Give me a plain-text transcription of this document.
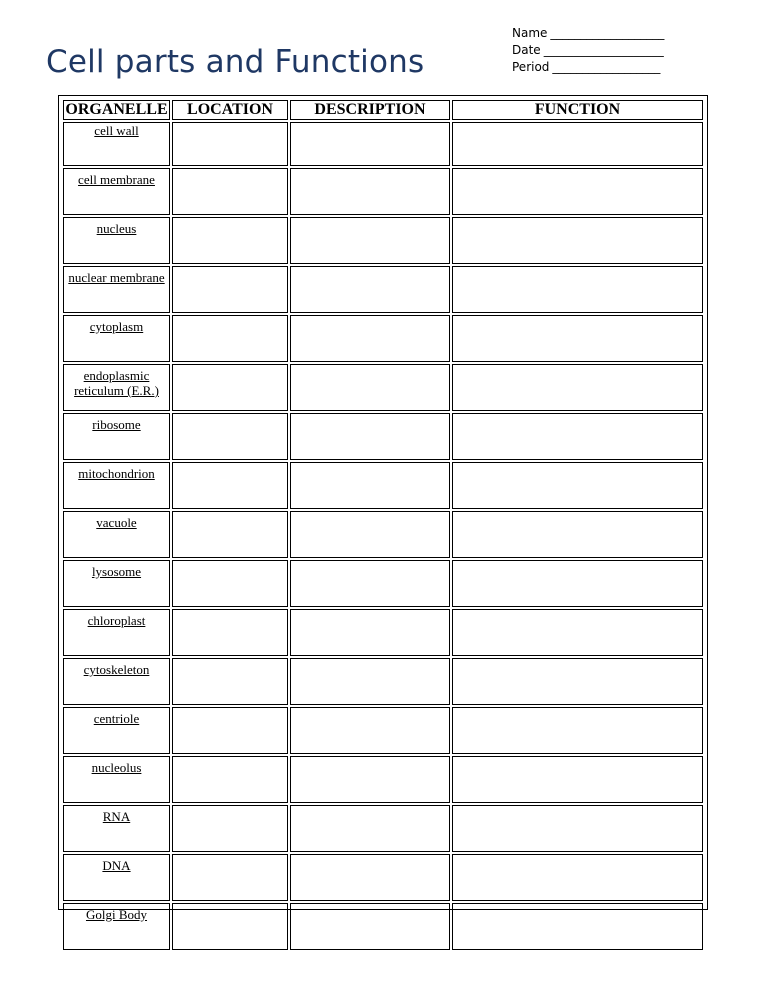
Cell parts and Functions
Name ___________________
Date ____________________
Period __________________
ORGANELLE	LOCATION	DESCRIPTION	FUNCTION
cell wall			
cell membrane			
nucleus			
nuclear membrane			
cytoplasm			
endoplasmic reticulum (E.R.)			
ribosome			
mitochondrion			
vacuole			
lysosome			
chloroplast			
cytoskeleton			
centriole			
nucleolus			
RNA			
DNA			
Golgi Body			
